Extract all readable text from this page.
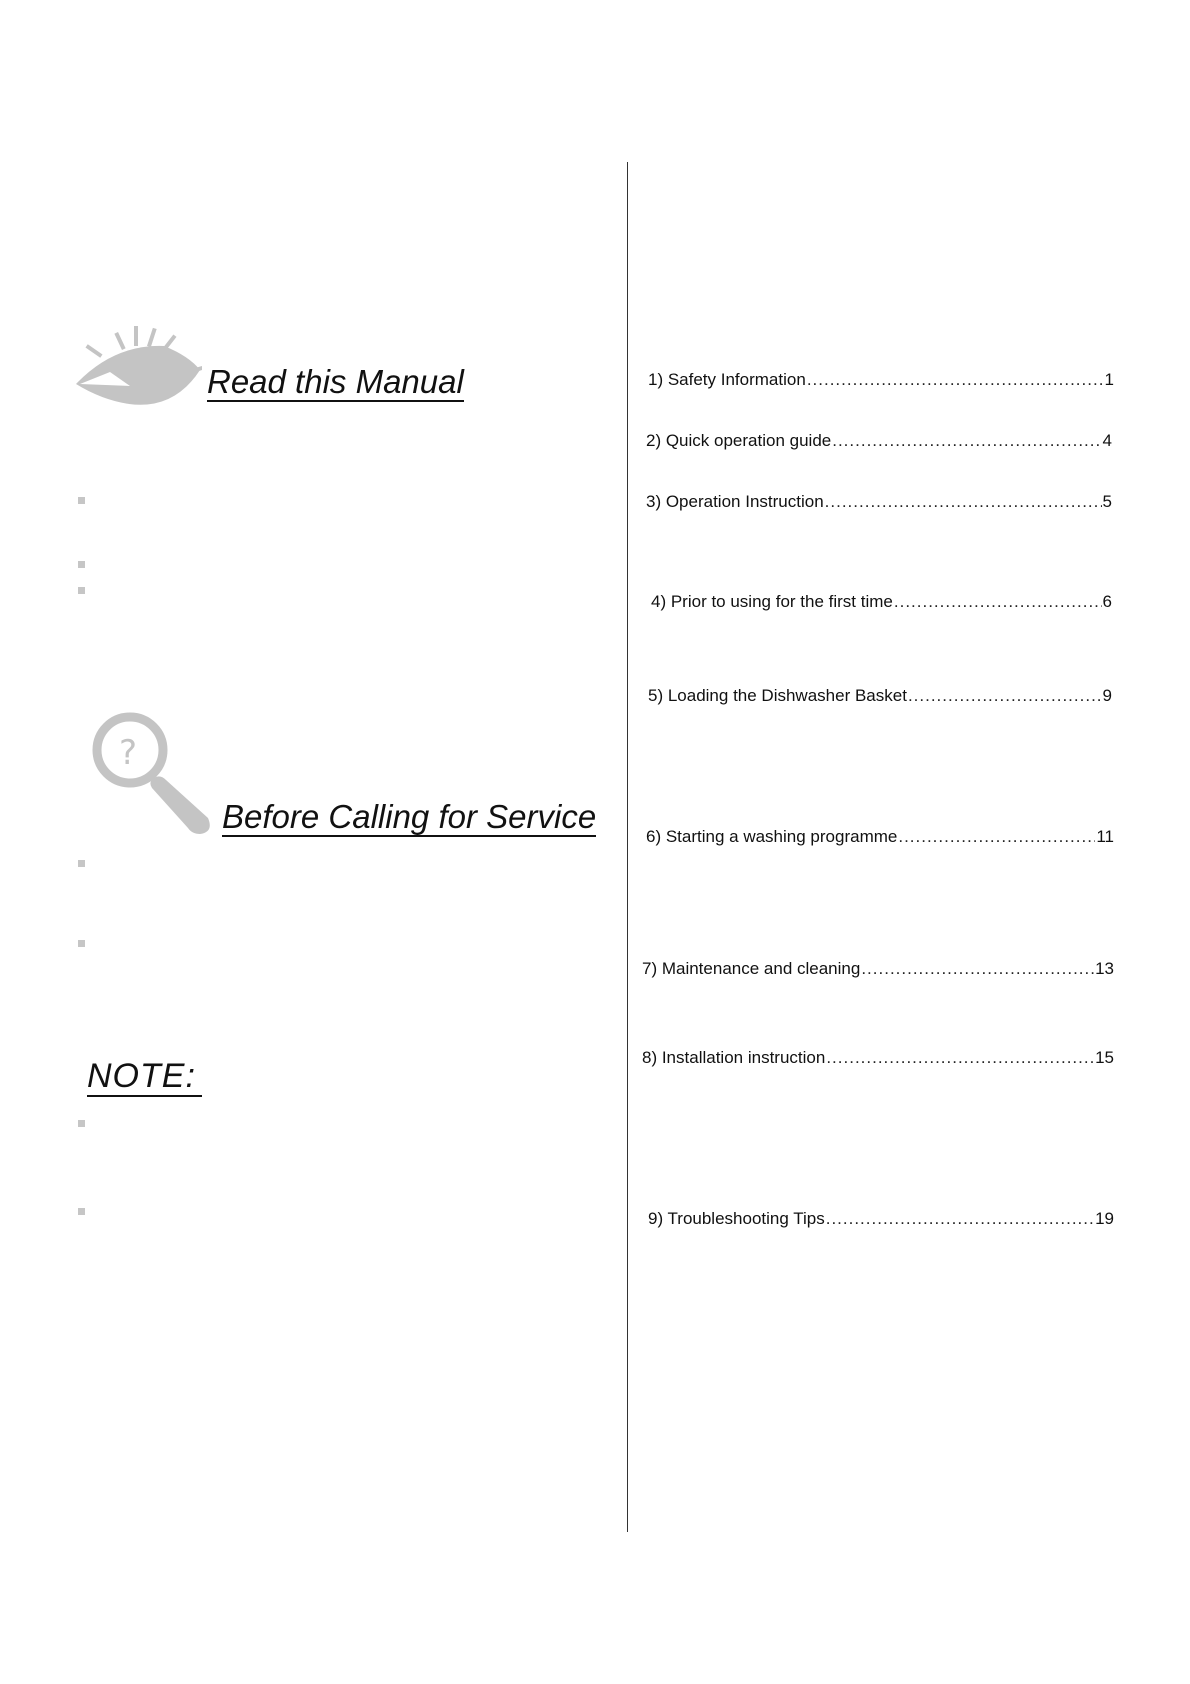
Read this Manual
?
Before Calling for Service
NOTE:
1) Safety Information .....	1
2) Quick operation guide .....	4
3) Operation Instruction .....	5
4) Prior to using for the first time .....	6
5) Loading the Dishwasher Basket .....	9
6) Starting a washing programme .....	11
7) Maintenance and cleaning .....	13
8) Installation instruction .....	15
9) Troubleshooting Tips .....	19
